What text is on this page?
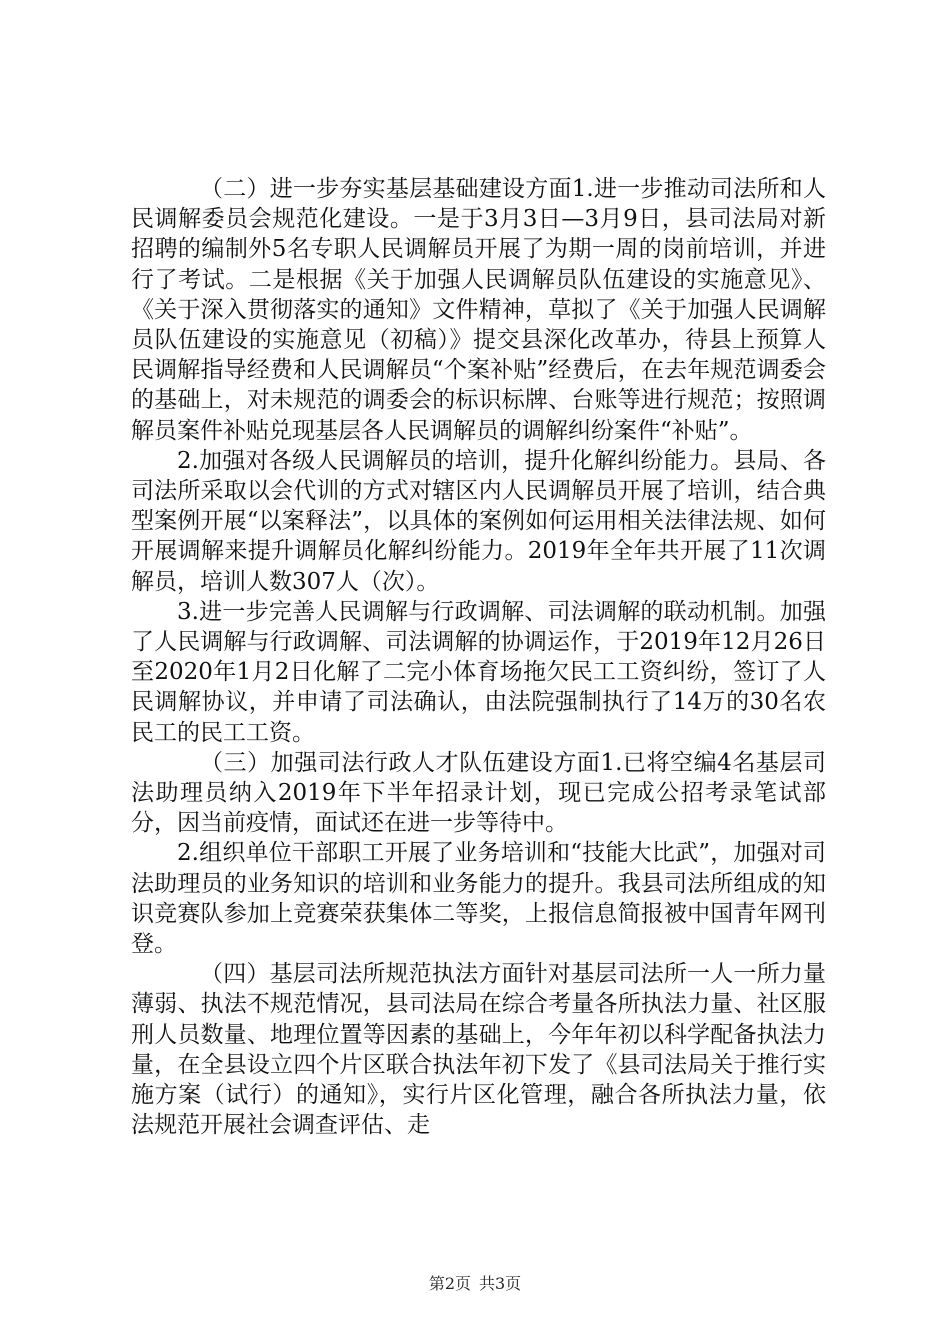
（二）进一步夯实基层基础建设方面1.进一步推动司法所和人民调解委员会规范化建设。一是于3月3日—3月9日，县司法局对新招聘的编制外5名专职人民调解员开展了为期一周的岗前培训，并进行了考试。二是根据《关于加强人民调解员队伍建设的实施意见》、《关于深入贯彻落实的通知》文件精神，草拟了《关于加强人民调解员队伍建设的实施意见（初稿）》提交县深化改革办，待县上预算人民调解指导经费和人民调解员“个案补贴”经费后，在去年规范调委会的基础上，对未规范的调委会的标识标牌、台账等进行规范；按照调解员案件补贴兑现基层各人民调解员的调解纠纷案件“补贴”。

2.加强对各级人民调解员的培训，提升化解纠纷能力。县局、各司法所采取以会代训的方式对辖区内人民调解员开展了培训，结合典型案例开展“以案释法”，以具体的案例如何运用相关法律法规、如何开展调解来提升调解员化解纠纷能力。2019年全年共开展了11次调解员，培训人数307人（次）。

3.进一步完善人民调解与行政调解、司法调解的联动机制。加强了人民调解与行政调解、司法调解的协调运作，于2019年12月26日至2020年1月2日化解了二完小体育场拖欠民工工资纠纷，签订了人民调解协议，并申请了司法确认，由法院强制执行了14万的30名农民工的民工工资。

（三）加强司法行政人才队伍建设方面1.已将空编4名基层司法助理员纳入2019年下半年招录计划，现已完成公招考录笔试部分，因当前疫情，面试还在进一步等待中。

2.组织单位干部职工开展了业务培训和“技能大比武”，加强对司法助理员的业务知识的培训和业务能力的提升。我县司法所组成的知识竞赛队参加上竞赛荣获集体二等奖，上报信息简报被中国青年网刊登。

（四）基层司法所规范执法方面针对基层司法所一人一所力量薄弱、执法不规范情况，县司法局在综合考量各所执法力量、社区服刑人员数量、地理位置等因素的基础上，今年年初以科学配备执法力量，在全县设立四个片区联合执法年初下发了《县司法局关于推行实施方案（试行）的通知》，实行片区化管理，融合各所执法力量，依法规范开展社会调查评估、走

第2页 共3页
